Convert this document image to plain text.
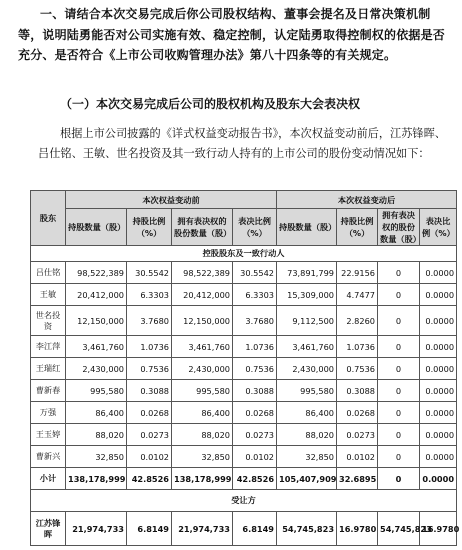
一、请结合本次交易完成后你公司股权结构、董事会提名及日常决策机制等，说明陆勇能否对公司实施有效、稳定控制，认定陆勇取得控制权的依据是否充分、是否符合《上市公司收购管理办法》第八十四条等的有关规定。
（一）本次交易完成后公司的股权机构及股东大会表决权
根据上市公司披露的《详式权益变动报告书》，本次权益变动前后，江苏锋晖、吕仕铭、王敏、世名投资及其一致行动人持有的上市公司的股份变动情况如下：
股东	本次权益变动前				本次权益变动后			
	持股数量（股）	持股比例（%）	拥有表决权的股份数量（股）	表决比例（%）	持股数量（股）	持股比例（%）	拥有表决权的股份数量（股）	表决比例（%）
控股股东及一致行动人								
吕仕铭	98,522,389	30.5542	98,522,389	30.5542	73,891,799	22.9156	0	0.0000
王敏	20,412,000	6.3303	20,412,000	6.3303	15,309,000	4.7477	0	0.0000
世名投资	12,150,000	3.7680	12,150,000	3.7680	9,112,500	2.8260	0	0.0000
李江萍	3,461,760	1.0736	3,461,760	1.0736	3,461,760	1.0736	0	0.0000
王瑞红	2,430,000	0.7536	2,430,000	0.7536	2,430,000	0.7536	0	0.0000
曹新春	995,580	0.3088	995,580	0.3088	995,580	0.3088	0	0.0000
万强	86,400	0.0268	86,400	0.0268	86,400	0.0268	0	0.0000
王玉婷	88,020	0.0273	88,020	0.0273	88,020	0.0273	0	0.0000
曹新兴	32,850	0.0102	32,850	0.0102	32,850	0.0102	0	0.0000
小计	138,178,999	42.8526	138,178,999	42.8526	105,407,909	32.6895	0	0.0000
受让方								
江苏锋晖	21,974,733	6.8149	21,974,733	6.8149	54,745,823	16.9780	54,745,823	16.9780
